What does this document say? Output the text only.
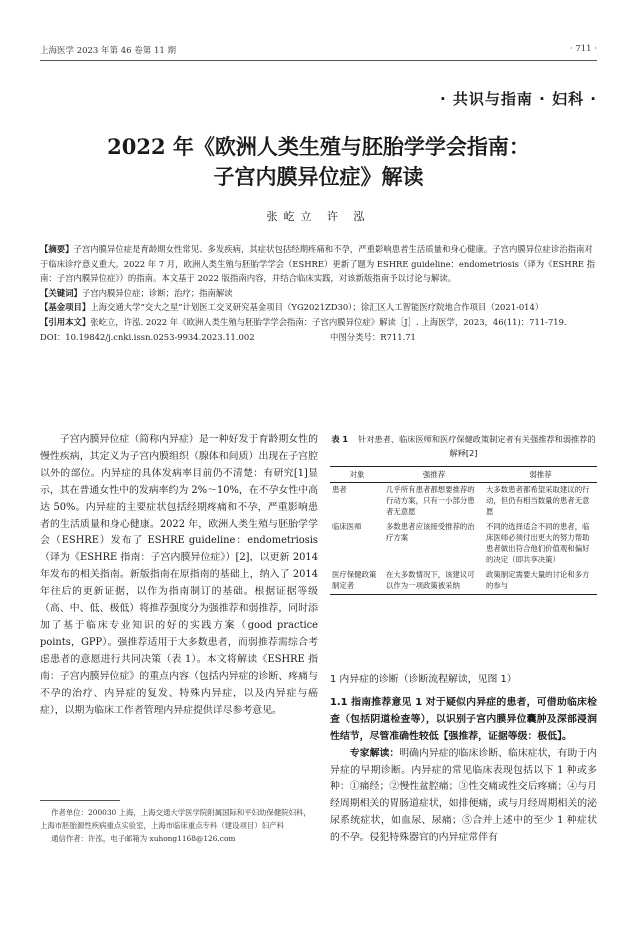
上海医学 2023 年第 46 卷第 11 期	· 711 ·
· 共识与指南 · 妇科 ·
2022 年《欧洲人类生殖与胚胎学学会指南：
子宫内膜异位症》解读
张屹立 许 泓

【摘要】子宫内膜异位症是育龄期女性常见、多发疾病，其症状包括经期疼痛和不孕，严重影响患者生活质量和身心健康。子宫内膜异位症诊治指南对于临床诊疗意义重大。2022 年 7 月，欧洲人类生殖与胚胎学学会（ESHRE）更新了题为 ESHRE guideline：endometriosis（译为《ESHRE 指南：子宫内膜异位症》）的指南。本文基于 2022 版指南内容，并结合临床实践，对该新版指南予以讨论与解读。

【关键词】子宫内膜异位症；诊断；治疗；指南解读

【基金项目】上海交通大学“交大之星”计划医工交叉研究基金项目（YG2021ZD30）；徐汇区人工智能医疗院地合作项目（2021-014）

【引用本文】张屹立，许泓. 2022 年《欧洲人类生殖与胚胎学学会指南：子宫内膜异位症》解读［J］. 上海医学，2023，46(11)：711-719.

DOI：10.19842/j.cnki.issn.0253-9934.2023.11.002	中图分类号：R711.71

子宫内膜异位症（简称内异症）是一种好发于育龄期女性的慢性疾病，其定义为子宫内膜组织（腺体和间质）出现在子宫腔以外的部位。内异症的具体发病率目前仍不清楚：有研究[1]显示，其在普通女性中的发病率约为 2%～10%，在不孕女性中高达 50%。内异症的主要症状包括经期疼痛和不孕，严重影响患者的生活质量和身心健康。2022 年，欧洲人类生殖与胚胎学学会（ESHRE）发布了 ESHRE guideline：endometriosis（译为《ESHRE 指南：子宫内膜异位症》）[2]，以更新 2014 年发布的相关指南。新版指南在原指南的基础上，纳入了 2014 年往后的更新证据，以作为指南制订的基础。根据证据等级（高、中、低、极低）将推荐强度分为强推荐和弱推荐，同时添加了基于临床专业知识的好的实践方案（good practice points，GPP）。强推荐适用于大多数患者，而弱推荐需综合考虑患者的意愿进行共同决策（表 1）。本文将解读《ESHRE 指南：子宫内膜异位症》的重点内容（包括内异症的诊断、疼痛与不孕的治疗、内异症的复发、特殊内异症，以及内异症与癌症），以期为临床工作者管理内异症提供详尽参考意见。

作者单位：200030 上海，上海交通大学医学院附属国际和平妇幼保健院妇科，上海市胚胎源性疾病重点实验室，上海市临床重点专科（建设项目）妇产科

通信作者：许泓，电子邮箱为 xuhong1168@126.com

表 1 针对患者、临床医师和医疗保健政策制定者有关强推荐和弱推荐的解释[2]
对象	强推荐	弱推荐
患者	几乎所有患者都想要推荐的行动方案，只有一小部分患者无意愿	大多数患者都希望采取建议的行动，但仍有相当数量的患者无意愿
临床医师	多数患者应该接受推荐的治疗方案	不同的选择适合不同的患者，临床医师必须付出更大的努力帮助患者做出符合他们价值观和偏好的决定（即共享决策）
医疗保健政策制定者	在大多数情况下，该建议可以作为一项政策被采纳	政策制定需要大量的讨论和多方的参与

1 内异症的诊断（诊断流程解读，见图 1）

1.1 指南推荐意见 1 对于疑似内异症的患者，可借助临床检查（包括阴道检查等），以识别子宫内膜异位囊肿及深部浸润性结节，尽管准确性较低【强推荐，证据等级：极低】。

专家解读：明确内异症的临床诊断、临床症状，有助于内异症的早期诊断。内异症的常见临床表现包括以下 1 种或多种：①痛经；②慢性盆腔痛；③性交痛或性交后疼痛；④与月经周期相关的胃肠道症状，如排便痛，或与月经周期相关的泌尿系统症状，如血尿、尿痛；⑤合并上述中的至少 1 种症状的不孕。侵犯特殊器官的内异症常伴有
